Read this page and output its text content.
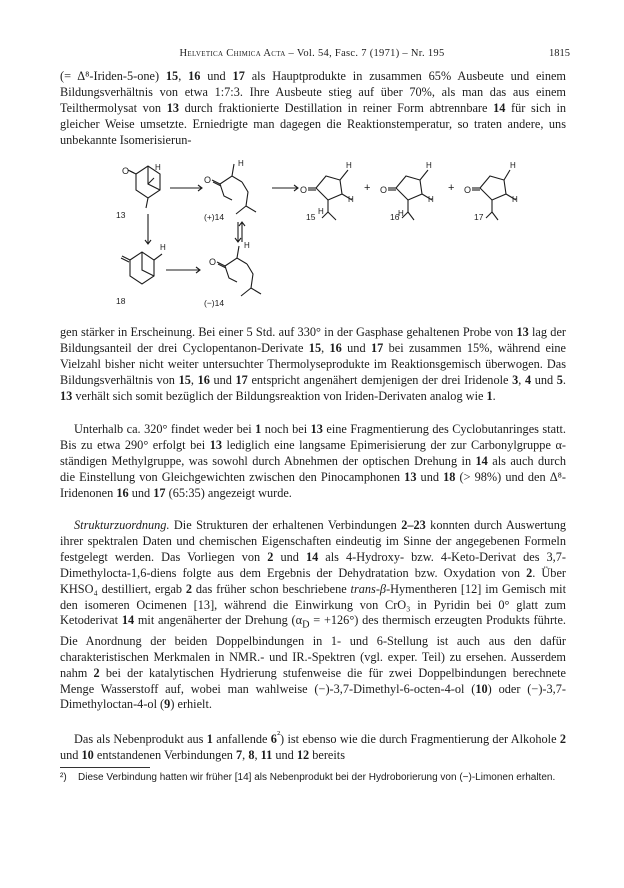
Helvetica Chimica Acta – Vol. 54, Fasc. 7 (1971) – Nr. 195	1815

(= Δ⁸-Iriden-5-one) 15, 16 und 17 als Hauptprodukte in zusammen 65% Ausbeute und einem Bildungsverhältnis von etwa 1:7:3. Ihre Ausbeute stieg auf über 70%, als man das aus einem Teilthermolysat von 13 durch fraktionierte Destillation in reiner Form abtrennbare 14 für sich in gleicher Weise umsetzte. Erniedrigte man dagegen die Reaktionstemperatur, so traten andere, uns unbekannte Isomerisierun-

O	H
O
H
O
H
H
H
O
H
H
H
O
H
H
H
O
H
13	(+)14	15	16	17
18	(−)14
+	+

gen stärker in Erscheinung. Bei einer 5 Std. auf 330° in der Gasphase gehaltenen Probe von 13 lag der Bildungsanteil der drei Cyclopentanon-Derivate 15, 16 und 17 bei zusammen 15%, während eine Vielzahl bisher nicht weiter untersuchter Thermolyseprodukte im Reaktionsgemisch überwogen. Das Bildungsverhältnis von 15, 16 und 17 entspricht angenähert demjenigen der drei Iridenole 3, 4 und 5. 13 verhält sich somit bezüglich der Bildungsreaktion von Iriden-Derivaten analog wie 1.

Unterhalb ca. 320° findet weder bei 1 noch bei 13 eine Fragmentierung des Cyclobutanringes statt. Bis zu etwa 290° erfolgt bei 13 lediglich eine langsame Epimerisierung der zur Carbonylgruppe α-ständigen Methylgruppe, was sowohl durch Abnehmen der optischen Drehung in 14 als auch durch die Einstellung von Gleichgewichten zwischen den Pinocamphonen 13 und 18 (> 98%) und den Δ⁸-Iridenonen 16 und 17 (65:35) angezeigt wurde.

Strukturzuordnung. Die Strukturen der erhaltenen Verbindungen 2–23 konnten durch Auswertung ihrer spektralen Daten und chemischen Eigenschaften eindeutig im Sinne der angegebenen Formeln festgelegt werden. Das Vorliegen von 2 und 14 als 4-Hydroxy- bzw. 4-Keto-Derivat des 3,7-Dimethylocta-1,6-diens folgte aus dem Ergebnis der Dehydratation bzw. Oxydation von 2. Über KHSO₄ destilliert, ergab 2 das früher schon beschriebene trans-β-Hymentheren [12] im Gemisch mit den isomeren Ocimenen [13], während die Einwirkung von CrO₃ in Pyridin bei 0° glatt zum Ketoderivat 14 mit angenäherter der Drehung $(\alpha_D = +126^\circ)$ des thermisch erzeugten Produkts führte. Die Anordnung der beiden Doppelbindungen in 1- und 6-Stellung ist auch aus den dafür charakteristischen Merkmalen in NMR.- und IR.-Spektren (vgl. exper. Teil) zu ersehen. Ausserdem nahm 2 bei der katalytischen Hydrierung stufenweise die für zwei Doppelbindungen berechnete Menge Wasserstoff auf, wobei man wahlweise (−)-3,7-Dimethyl-6-octen-4-ol (10) oder (−)-3,7-Dimethyloctan-4-ol (9) erhielt.

Das als Nebenprodukt aus 1 anfallende $6^{^2}$) ist ebenso wie die durch Fragmentierung der Alkohole 2 und 10 entstandenen Verbindungen 7, 8, 11 und 12 bereits

²) Diese Verbindung hatten wir früher [14] als Nebenprodukt bei der Hydroborierung von (−)-Limonen erhalten.
